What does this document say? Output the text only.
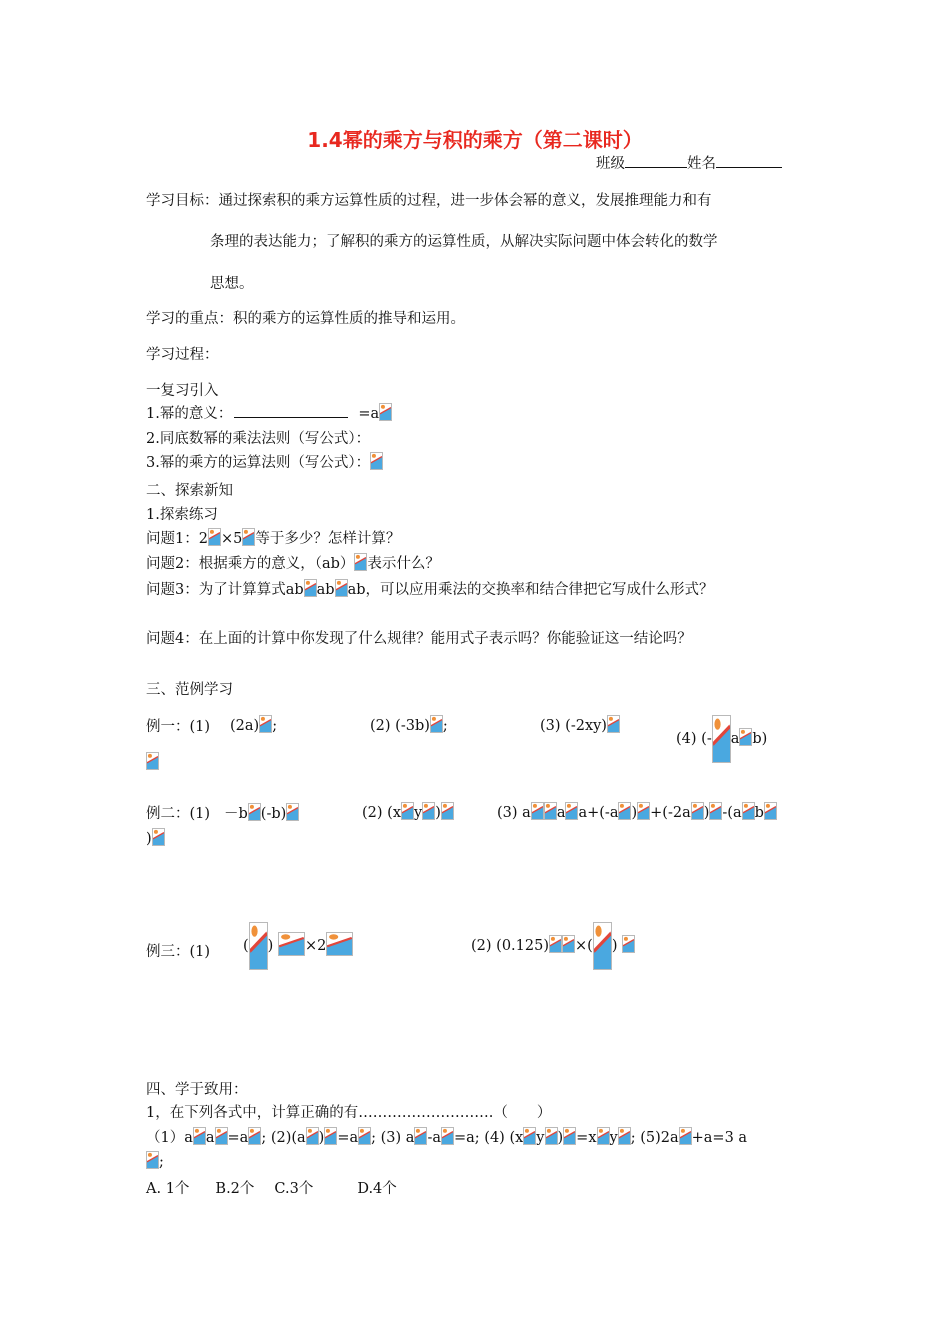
1.4幂的乘方与积的乘方（第二课时）
班级	姓名
学习目标：通过探索积的乘方运算性质的过程，进一步体会幂的意义，发展推理能力和有
条理的表达能力；了解积的乘方的运算性质，从解决实际问题中体会转化的数学
思想。
学习的重点：积的乘方的运算性质的推导和运用。
学习过程：
一复习引入
1.幂的意义：	=a
2.同底数幂的乘法法则（写公式）：
3.幂的乘方的运算法则（写公式）：
二、探索新知
1.探索练习
问题1：2 ×5 等于多少？怎样计算？
问题2：根据乘方的意义，（ab） 表示什么？
问题3：为了计算算式ab ab ab，可以应用乘法的交换率和结合律把它写成什么形式？
问题4：在上面的计算中你发现了什么规律？能用式子表示吗？你能验证这一结论吗？
三、范例学习
例一：(1) (2a) ;	(2) (-3b) ;	(3) (-2xy)
(4) (- a b)
例二：(1) －b (-b)	(2) (x y )	(3) a a a+(-a ) +(-2a ) -(a b
)
例三：(1) ( ) ×2	(2) (0.125) ×( )
四、学于致用：
1，在下列各式中，计算正确的有……………………….（　　）
（1）a a =a ; (2)(a ) =a ; (3) a -a =a; (4) (x y ) =x y ; (5)2a +a=3 a
;
A. 1个 B.2个 C.3个	D.4个
